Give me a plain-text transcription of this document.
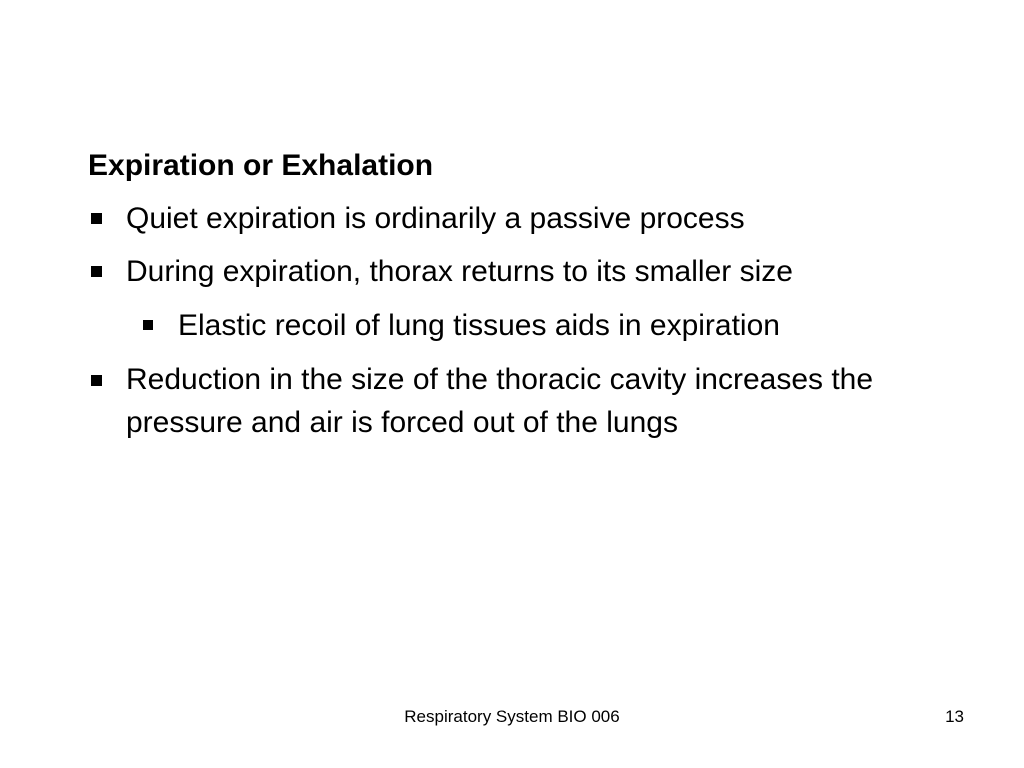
Expiration or Exhalation
Quiet expiration is ordinarily a passive process
During expiration, thorax returns to its smaller size
Elastic recoil of lung tissues aids in expiration
Reduction in the size of the thoracic cavity increases the pressure and air is forced out of the lungs
Respiratory System BIO 006	13
